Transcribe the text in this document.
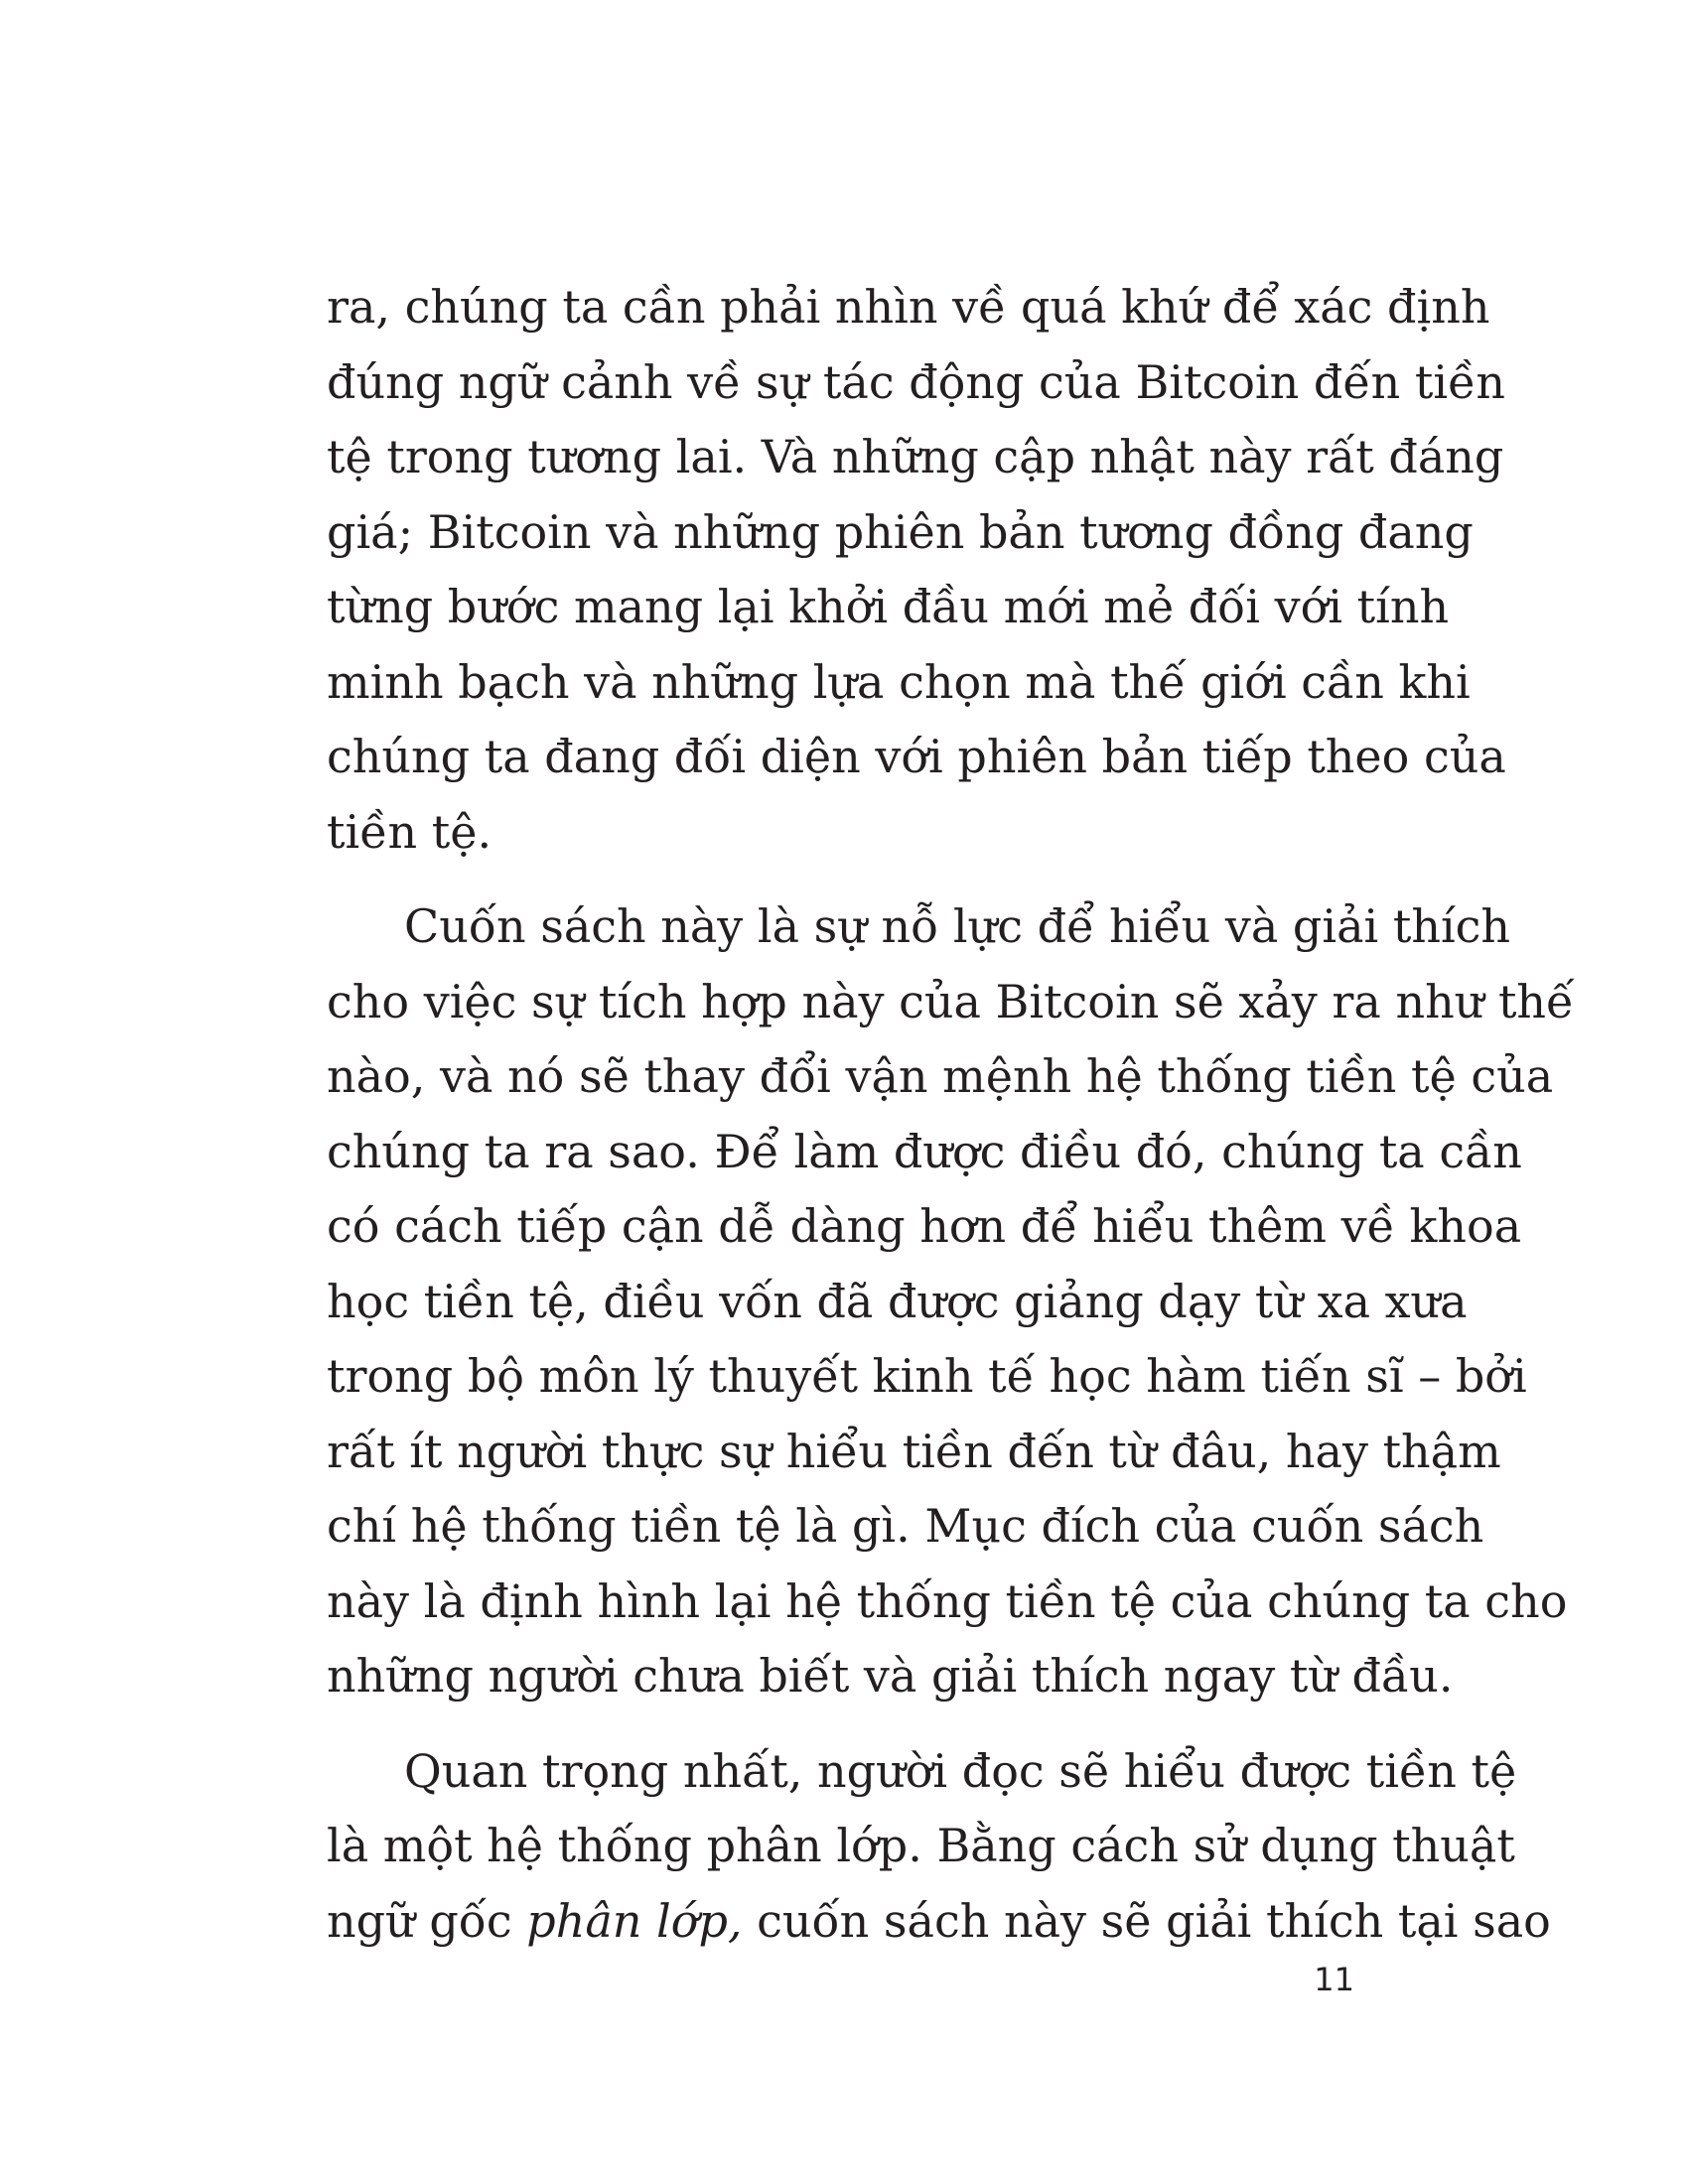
ra, chúng ta cần phải nhìn về quá khứ để xác định
đúng ngữ cảnh về sự tác động của Bitcoin đến tiền
tệ trong tương lai. Và những cập nhật này rất đáng
giá; Bitcoin và những phiên bản tương đồng đang
từng bước mang lại khởi đầu mới mẻ đối với tính
minh bạch và những lựa chọn mà thế giới cần khi
chúng ta đang đối diện với phiên bản tiếp theo của
tiền tệ.
Cuốn sách này là sự nỗ lực để hiểu và giải thích
cho việc sự tích hợp này của Bitcoin sẽ xảy ra như thế
nào, và nó sẽ thay đổi vận mệnh hệ thống tiền tệ của
chúng ta ra sao. Để làm được điều đó, chúng ta cần
có cách tiếp cận dễ dàng hơn để hiểu thêm về khoa
học tiền tệ, điều vốn đã được giảng dạy từ xa xưa
trong bộ môn lý thuyết kinh tế học hàm tiến sĩ – bởi
rất ít người thực sự hiểu tiền đến từ đâu, hay thậm
chí hệ thống tiền tệ là gì. Mục đích của cuốn sách
này là định hình lại hệ thống tiền tệ của chúng ta cho
những người chưa biết và giải thích ngay từ đầu.
Quan trọng nhất, người đọc sẽ hiểu được tiền tệ
là một hệ thống phân lớp. Bằng cách sử dụng thuật
ngữ gốc phân lớp, cuốn sách này sẽ giải thích tại sao
11
